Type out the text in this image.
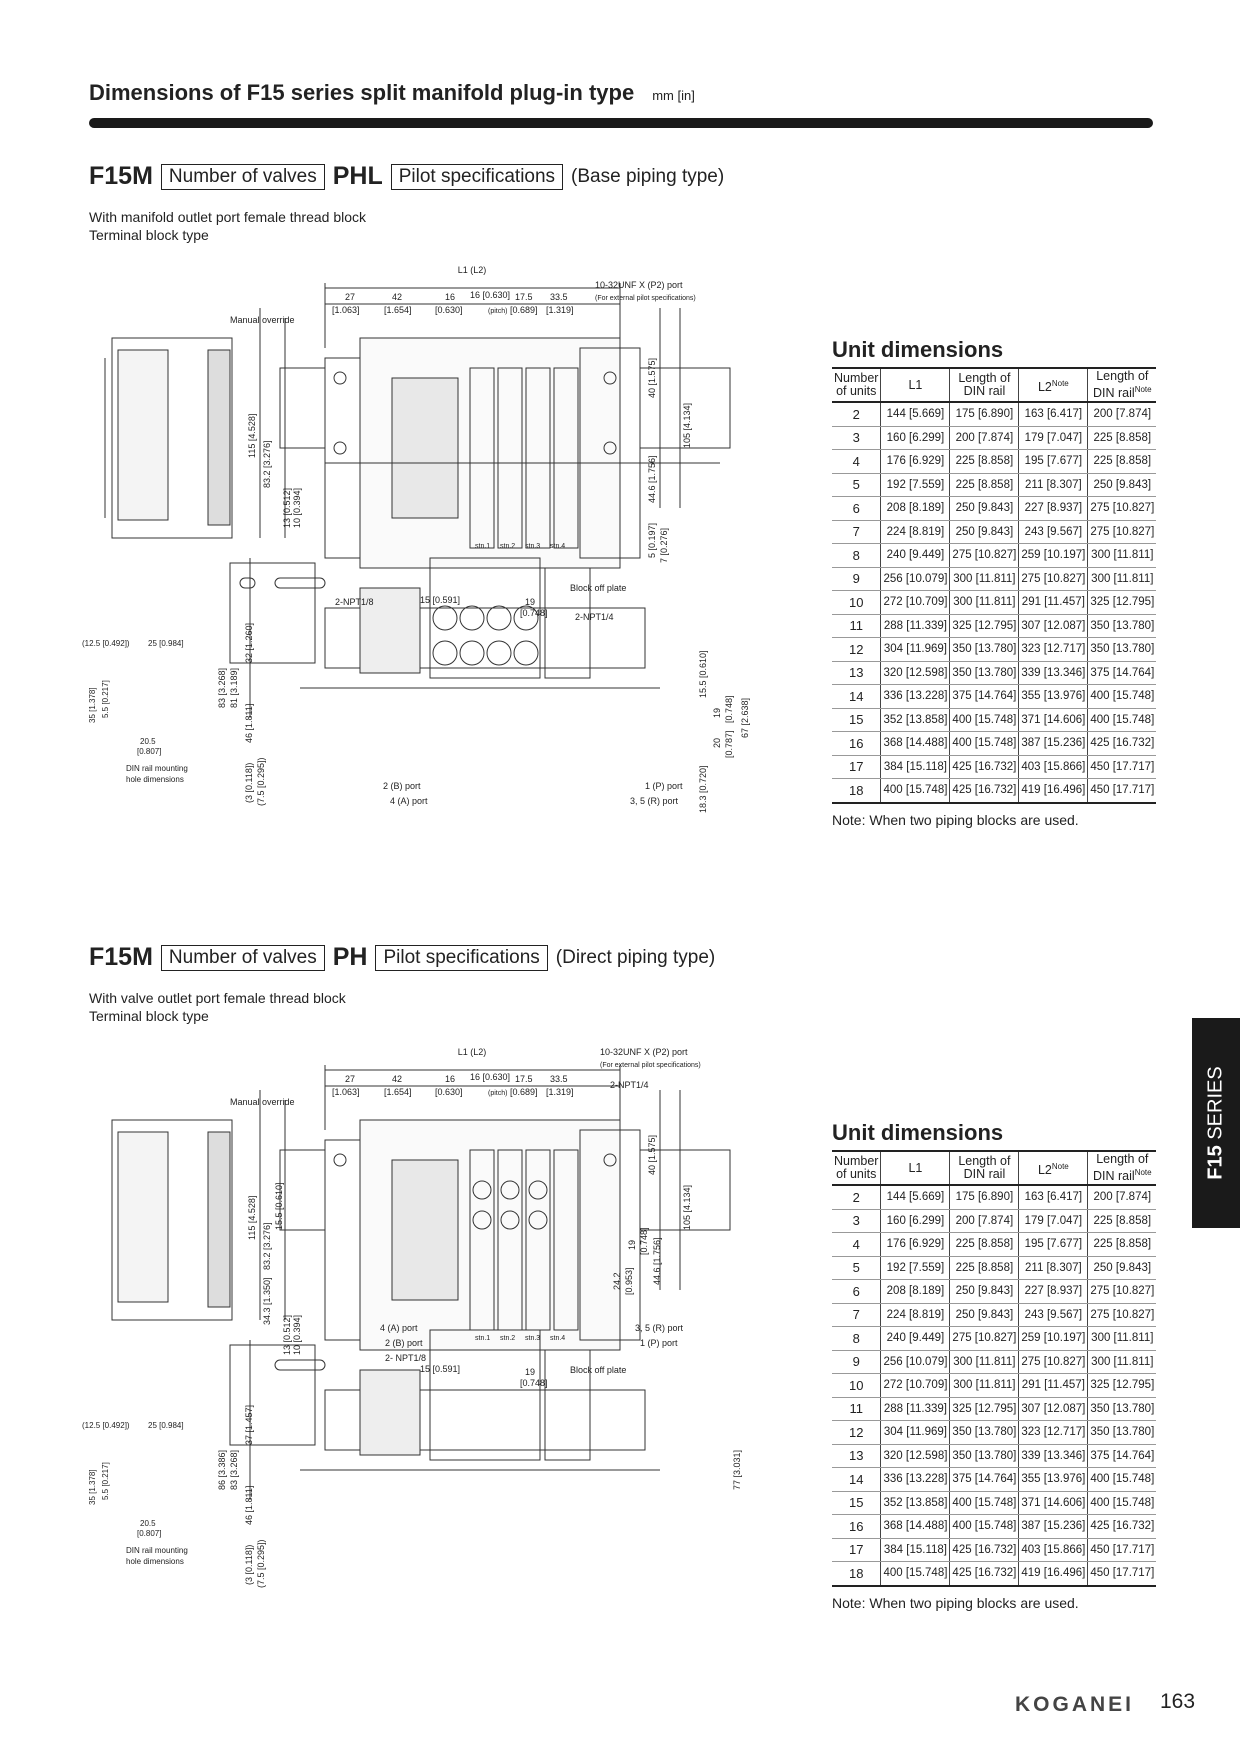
Dimensions of F15 series split manifold plug-in type mm [in]
F15M Number of valves PHL Pilot specifications (Base piping type)
With manifold outlet port female thread block
Terminal block type
L1 (L2)
27
[1.063]
42
[1.654]
16
[0.630]
16 [0.630]
(pitch)
17.5
[0.689]
33.5
[1.319]
10-32UNF X (P2) port
(For external pilot specifications)
Manual override
stn.1 stn.2 stn.3 stn.4
115 [4.528]
83.2 [3.276]
13 [0.512] 10 [0.394]
40 [1.575]
105 [4.134]
44.6 [1.756]
5 [0.197] 7 [0.276]
2-NPT1/8	15 [0.591]	19
[0.748]
Block off plate
2-NPT1/4
(12.5 [0.492]) 25 [0.984]
35 [1.378] 5.5 [0.217]
20.5
[0.807]
DIN rail mounting
hole dimensions
83 [3.268] 81 [3.189]
46 [1.811]
32 [1.260]
(3 [0.118]) (7.5 [0.295])
15.5 [0.610]
67 [2.638]
20 [0.787]
19 [0.748]
18.3 [0.720]
2 (B) port
4 (A) port
1 (P) port
3, 5 (R) port
Unit dimensions
Number
of units	L1	Length of
DIN rail	$L2^{Note}$	Length of
DIN rail$^{Note}$
2	144 [5.669]	175 [6.890]	163 [6.417]	200 [7.874]
3	160 [6.299]	200 [7.874]	179 [7.047]	225 [8.858]
4	176 [6.929]	225 [8.858]	195 [7.677]	225 [8.858]
5	192 [7.559]	225 [8.858]	211 [8.307]	250 [9.843]
6	208 [8.189]	250 [9.843]	227 [8.937]	275 [10.827]
7	224 [8.819]	250 [9.843]	243 [9.567]	275 [10.827]
8	240 [9.449]	275 [10.827]	259 [10.197]	300 [11.811]
9	256 [10.079]	300 [11.811]	275 [10.827]	300 [11.811]
10	272 [10.709]	300 [11.811]	291 [11.457]	325 [12.795]
11	288 [11.339]	325 [12.795]	307 [12.087]	350 [13.780]
12	304 [11.969]	350 [13.780]	323 [12.717]	350 [13.780]
13	320 [12.598]	350 [13.780]	339 [13.346]	375 [14.764]
14	336 [13.228]	375 [14.764]	355 [13.976]	400 [15.748]
15	352 [13.858]	400 [15.748]	371 [14.606]	400 [15.748]
16	368 [14.488]	400 [15.748]	387 [15.236]	425 [16.732]
17	384 [15.118]	425 [16.732]	403 [15.866]	450 [17.717]
18	400 [15.748]	425 [16.732]	419 [16.496]	450 [17.717]
Note: When two piping blocks are used.
F15M Number of valves PH Pilot specifications (Direct piping type)
With valve outlet port female thread block
Terminal block type
L1 (L2)
27
[1.063]
42
[1.654]
16
[0.630]
16 [0.630]
(pitch)
17.5
[0.689]
33.5
[1.319]
10-32UNF X (P2) port
(For external pilot specifications)
2-NPT1/4
Manual override
stn.1 stn.2 stn.3 stn.4
115 [4.528]
83.2 [3.276]
15.5 [0.610]
34.3 [1.350]
13 [0.512] 10 [0.394]
40 [1.575]
105 [4.134]
44.6 [1.756]
19 [0.748]
24.2 [0.953]
4 (A) port
2 (B) port
2- NPT1/8
3, 5 (R) port
1 (P) port
15 [0.591]	19
[0.748]
Block off plate
(12.5 [0.492]) 25 [0.984]
35 [1.378] 5.5 [0.217]
20.5
[0.807]
DIN rail mounting
hole dimensions
86 [3.386] 83 [3.268]
46 [1.811]
37 [1.457]
(3 [0.118]) (7.5 [0.295])
77 [3.031]
Unit dimensions
Number
of units	L1	Length of
DIN rail	$L2^{Note}$	Length of
DIN rail$^{Note}$
2	144 [5.669]	175 [6.890]	163 [6.417]	200 [7.874]
3	160 [6.299]	200 [7.874]	179 [7.047]	225 [8.858]
4	176 [6.929]	225 [8.858]	195 [7.677]	225 [8.858]
5	192 [7.559]	225 [8.858]	211 [8.307]	250 [9.843]
6	208 [8.189]	250 [9.843]	227 [8.937]	275 [10.827]
7	224 [8.819]	250 [9.843]	243 [9.567]	275 [10.827]
8	240 [9.449]	275 [10.827]	259 [10.197]	300 [11.811]
9	256 [10.079]	300 [11.811]	275 [10.827]	300 [11.811]
10	272 [10.709]	300 [11.811]	291 [11.457]	325 [12.795]
11	288 [11.339]	325 [12.795]	307 [12.087]	350 [13.780]
12	304 [11.969]	350 [13.780]	323 [12.717]	350 [13.780]
13	320 [12.598]	350 [13.780]	339 [13.346]	375 [14.764]
14	336 [13.228]	375 [14.764]	355 [13.976]	400 [15.748]
15	352 [13.858]	400 [15.748]	371 [14.606]	400 [15.748]
16	368 [14.488]	400 [15.748]	387 [15.236]	425 [16.732]
17	384 [15.118]	425 [16.732]	403 [15.866]	450 [17.717]
18	400 [15.748]	425 [16.732]	419 [16.496]	450 [17.717]
Note: When two piping blocks are used.
F15 SERIES
KOGANEI 163
